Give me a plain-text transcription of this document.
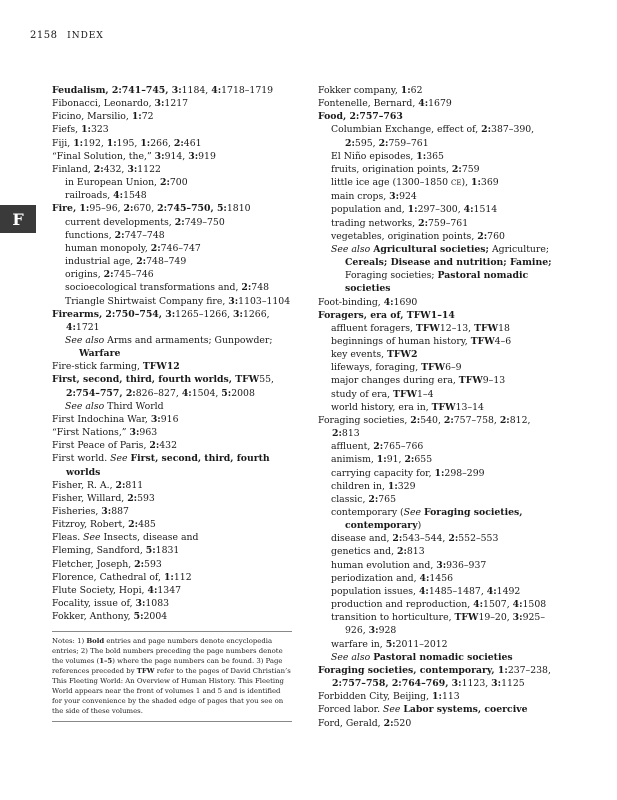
2158 INDEX
F

Feudalism, 2:741–745, 3:1184, 4:1718–1719

Fibonacci, Leonardo, 3:1217

Ficino, Marsilio, 1:72

Fiefs, 1:323

Fiji, 1:192, 1:195, 1:266, 2:461

“Final Solution, the,” 3:914, 3:919

Finland, 2:432, 3:1122

in European Union, 2:700

railroads, 4:1548

Fire, 1:95–96, 2:670, 2:745–750, 5:1810

current developments, 2:749–750

functions, 2:747–748

human monopoly, 2:746–747

industrial age, 2:748–749

origins, 2:745–746

socioecological transformations and, 2:748

Triangle Shirtwaist Company fire, 3:1103–1104

Firearms, 2:750–754, 3:1265–1266, 3:1266, 4:1721

See also Arms and armaments; Gunpowder; Warfare

Fire-stick farming, TFW12

First, second, third, fourth worlds, TFW55, 2:754–757, 2:826–827, 4:1504, 5:2008

See also Third World

First Indochina War, 3:916

“First Nations,” 3:963

First Peace of Paris, 2:432

First world. See First, second, third, fourth worlds

Fisher, R. A., 2:811

Fisher, Willard, 2:593

Fisheries, 3:887

Fitzroy, Robert, 2:485

Fleas. See Insects, disease and

Fleming, Sandford, 5:1831

Fletcher, Joseph, 2:593

Florence, Cathedral of, 1:112

Flute Society, Hopi, 4:1347

Focality, issue of, 3:1083

Fokker, Anthony, 5:2004

Notes: 1) Bold entries and page numbers denote encyclopedia entries; 2) The bold numbers preceding the page numbers denote the volumes (1–5) where the page numbers can be found. 3) Page references preceded by TFW refer to the pages of David Christian’s This Fleeting World: An Overview of Human History. This Fleeting World appears near the front of volumes 1 and 5 and is identified for your convenience by the shaded edge of pages that you see on the side of these volumes.

Fokker company, 1:62

Fontenelle, Bernard, 4:1679

Food, 2:757–763

Columbian Exchange, effect of, 2:387–390, 2:595, 2:759–761

El Niño episodes, 1:365

fruits, origination points, 2:759

little ice age (1300–1850 CE), 1:369

main crops, 3:924

population and, 1:297–300, 4:1514

trading networks, 2:759–761

vegetables, origination points, 2:760

See also Agricultural societies; Agriculture; Cereals; Disease and nutrition; Famine; Foraging societies; Pastoral nomadic societies

Foot-binding, 4:1690

Foragers, era of, TFW1–14

affluent foragers, TFW12–13, TFW18

beginnings of human history, TFW4–6

key events, TFW2

lifeways, foraging, TFW6–9

major changes during era, TFW9–13

study of era, TFW1–4

world history, era in, TFW13–14

Foraging societies, 2:540, 2:757–758, 2:812, 2:813

affluent, 2:765–766

animism, 1:91, 2:655

carrying capacity for, 1:298–299

children in, 1:329

classic, 2:765

contemporary (See Foraging societies, contemporary)

disease and, 2:543–544, 2:552–553

genetics and, 2:813

human evolution and, 3:936–937

periodization and, 4:1456

population issues, 4:1485–1487, 4:1492

production and reproduction, 4:1507, 4:1508

transition to horticulture, TFW19–20, 3:925–926, 3:928

warfare in, 5:2011–2012

See also Pastoral nomadic societies

Foraging societies, contemporary, 1:237–238, 2:757–758, 2:764–769, 3:1123, 3:1125

Forbidden City, Beijing, 1:113

Forced labor. See Labor systems, coercive

Ford, Gerald, 2:520
